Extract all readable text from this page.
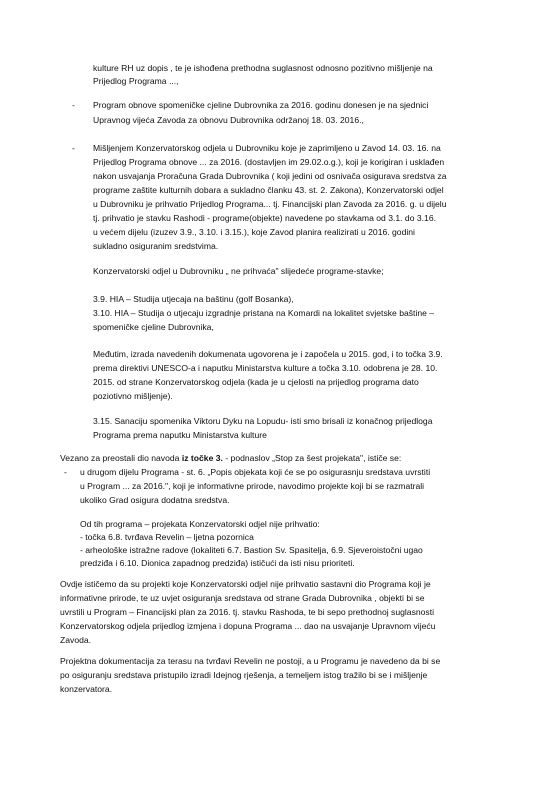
kulture RH uz dopis , te je ishođena prethodna suglasnost odnosno pozitivno mišljenje na

Prijedlog Programa ...,

- Program obnove spomeničke cjeline Dubrovnika za 2016. godinu donesen je na sjednici

Upravnog vijeća Zavoda za obnovu Dubrovnika održanoj 18. 03. 2016.,

- Mišljenjem Konzervatorskog odjela u Dubrovniku koje je zaprimljeno u Zavod 14. 03. 16. na

Prijedlog Programa obnove ... za 2016. (dostavljen im 29.02.o.g.), koji je korigiran i usklađen

nakon usvajanja Proračuna Grada Dubrovnika ( koji jedini od osnivača osigurava sredstva za

programe zaštite kulturnih dobara a sukladno članku 43. st. 2. Zakona), Konzervatorski odjel

u Dubrovniku je prihvatio Prijedlog Programa... tj. Financijski plan Zavoda za 2016. g. u dijelu

tj. prihvatio je stavku Rashodi - programe(objekte) navedene po stavkama od 3.1. do 3.16.

u većem dijelu (izuzev 3.9., 3.10. i 3.15.), koje Zavod planira realizirati u 2016. godini

sukladno osiguranim sredstvima.

Konzervatorski odjel u Dubrovniku „ ne prihvaća" slijedeće programe-stavke;

3.9. HIA – Studija utjecaja na baštinu (golf Bosanka),

3.10. HIA – Studija o utjecaju izgradnje pristana na Komardi na lokalitet svjetske baštine –

spomeničke cjeline Dubrovnika,

Međutim, izrada navedenih dokumenata ugovorena je i započela u 2015. god, i to točka 3.9.

prema direktivi UNESCO-a i naputku Ministarstva kulture a točka 3.10. odobrena je 28. 10.

2015. od strane Konzervatorskog odjela (kada je u cjelosti na prijedlog programa dato

poziotivno mišljenje).

3.15. Sanaciju spomenika Viktoru Dyku na Lopudu- isti smo brisali iz konačnog prijedloga

Programa prema naputku Ministarstva kulture

Vezano za preostali dio navoda iz točke 3. - podnaslov „Stop za šest projekata", ističe se:

- u drugom dijelu Programa - st. 6. „Popis objekata koji će se po osigurasnju sredstava uvrstiti

u Program ... za 2016.", koji je informativne prirode, navodimo projekte koji bi se razmatrali

ukoliko Grad osigura dodatna sredstva.

Od tih programa – projekata Konzervatorski odjel nije prihvatio:

- točka 6.8. tvrđava Revelin – ljetna pozornica

- arheološke istražne radove (lokaliteti 6.7. Bastion Sv. Spasitelja, 6.9. Sjeveroistočni ugao

predziđa i 6.10. Dionica zapadnog predziđa) ističući da isti nisu prioriteti.

Ovdje ističemo da su projekti koje Konzervatorski odjel nije prihvatio sastavni dio Programa koji je

informativne prirode, te uz uvjet osiguranja sredstava od strane Grada Dubrovnika , objekti bi se

uvrstili u Program – Financijski plan za 2016. tj. stavku Rashoda, te bi sepo prethodnoj suglasnosti

Konzervatorskog odjela prijedlog izmjena i dopuna Programa ... dao na usvajanje Upravnom vijeću

Zavoda.

Projektna dokumentacija za terasu na tvrđavi Revelin ne postoji, a u Programu je navedeno da bi se

po osiguranju sredstava pristupilo izradi Idejnog rješenja, a temeljem istog tražilo bi se i mišljenje

konzervatora.
